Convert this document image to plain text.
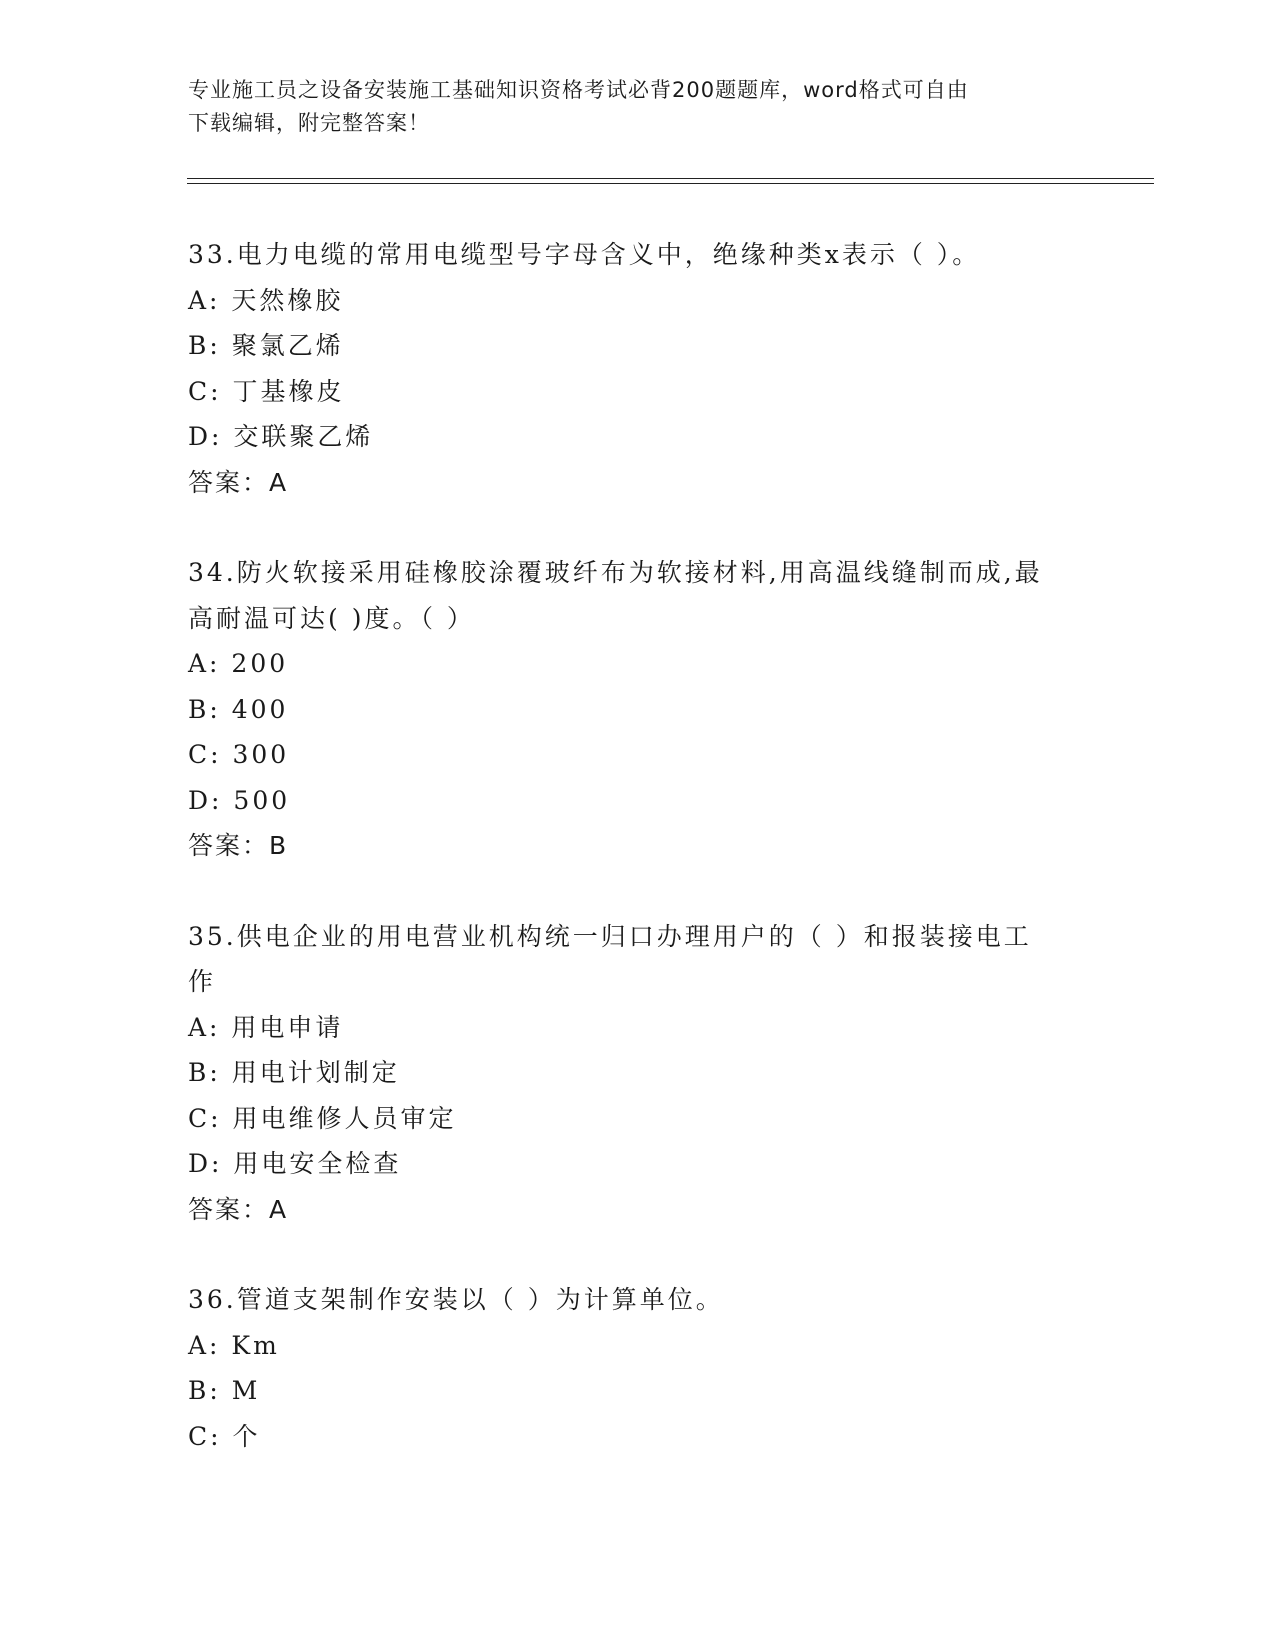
专业施工员之设备安装施工基础知识资格考试必背200题题库，word格式可自由
下载编辑，附完整答案！

33.电力电缆的常用电缆型号字母含义中，绝缘种类x表示（ ）。

A: 天然橡胶

B: 聚氯乙烯

C: 丁基橡皮

D: 交联聚乙烯

答案：A

34.防火软接采用硅橡胶涂覆玻纤布为软接材料,用高温线缝制而成,最

高耐温可达( )度。（ ）

A: 200

B: 400

C: 300

D: 500

答案：B

35.供电企业的用电营业机构统一归口办理用户的（ ）和报装接电工

作

A: 用电申请

B: 用电计划制定

C: 用电维修人员审定

D: 用电安全检查

答案：A

36.管道支架制作安装以（ ）为计算单位。

A: Km

B: M

C: 个
